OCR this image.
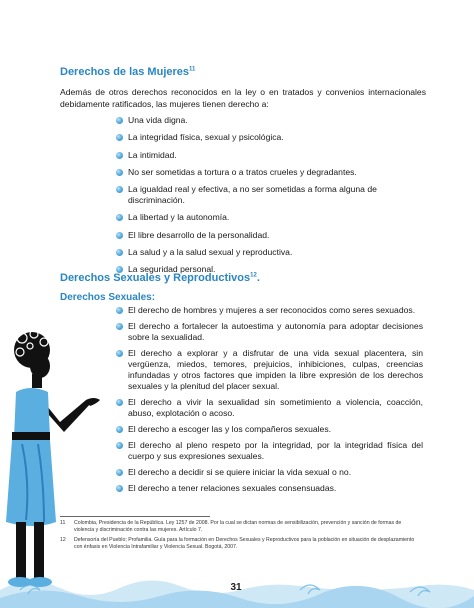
Derechos de las Mujeres$^{11}$
Además de otros derechos reconocidos en la ley o en tratados y convenios internacionales debidamente ratificados, las mujeres tienen derecho a:
Una vida digna.
La integridad física, sexual y psicológica.
La intimidad.
No ser sometidas a tortura o a tratos crueles y degradantes.
La igualdad real y efectiva, a no ser sometidas a forma alguna de discriminación.
La libertad y la autonomía.
El libre desarrollo de la personalidad.
La salud y a la salud sexual y reproductiva.
La seguridad personal.
Derechos Sexuales y Reproductivos$^{12}$.
Derechos Sexuales:
El derecho de hombres y mujeres a ser reconocidos como seres sexuados.
El derecho a fortalecer la autoestima y autonomía para adoptar decisiones sobre la sexualidad.
El derecho a explorar y a disfrutar de una vida sexual placentera, sin vergüenza, miedos, temores, prejuicios, inhibiciones, culpas, creencias infundadas y otros factores que impiden la libre expresión de los derechos sexuales y la plenitud del placer sexual.
El derecho a vivir la sexualidad sin sometimiento a violencia, coacción, abuso, explotación o acoso.
El derecho a escoger las y los compañeros sexuales.
El derecho al pleno respeto por la integridad, por la integridad física del cuerpo y sus expresiones sexuales.
El derecho a decidir si se quiere iniciar la vida sexual o no.
El derecho a tener relaciones sexuales consensuadas.
11	Colombia, Presidencia de la República. Ley 1257 de 2008. Por la cual se dictan normas de sensibilización, prevención y sanción de formas de violencia y discriminación contra las mujeres. Artículo 7.
12	Defensoría del Pueblo; Profamilia. Guía para la formación en Derechos Sexuales y Reproductivos para la población en situación de desplazamiento con énfasis en Violencia Intrafamiliar y Violencia Sexual. Bogotá, 2007.
31
